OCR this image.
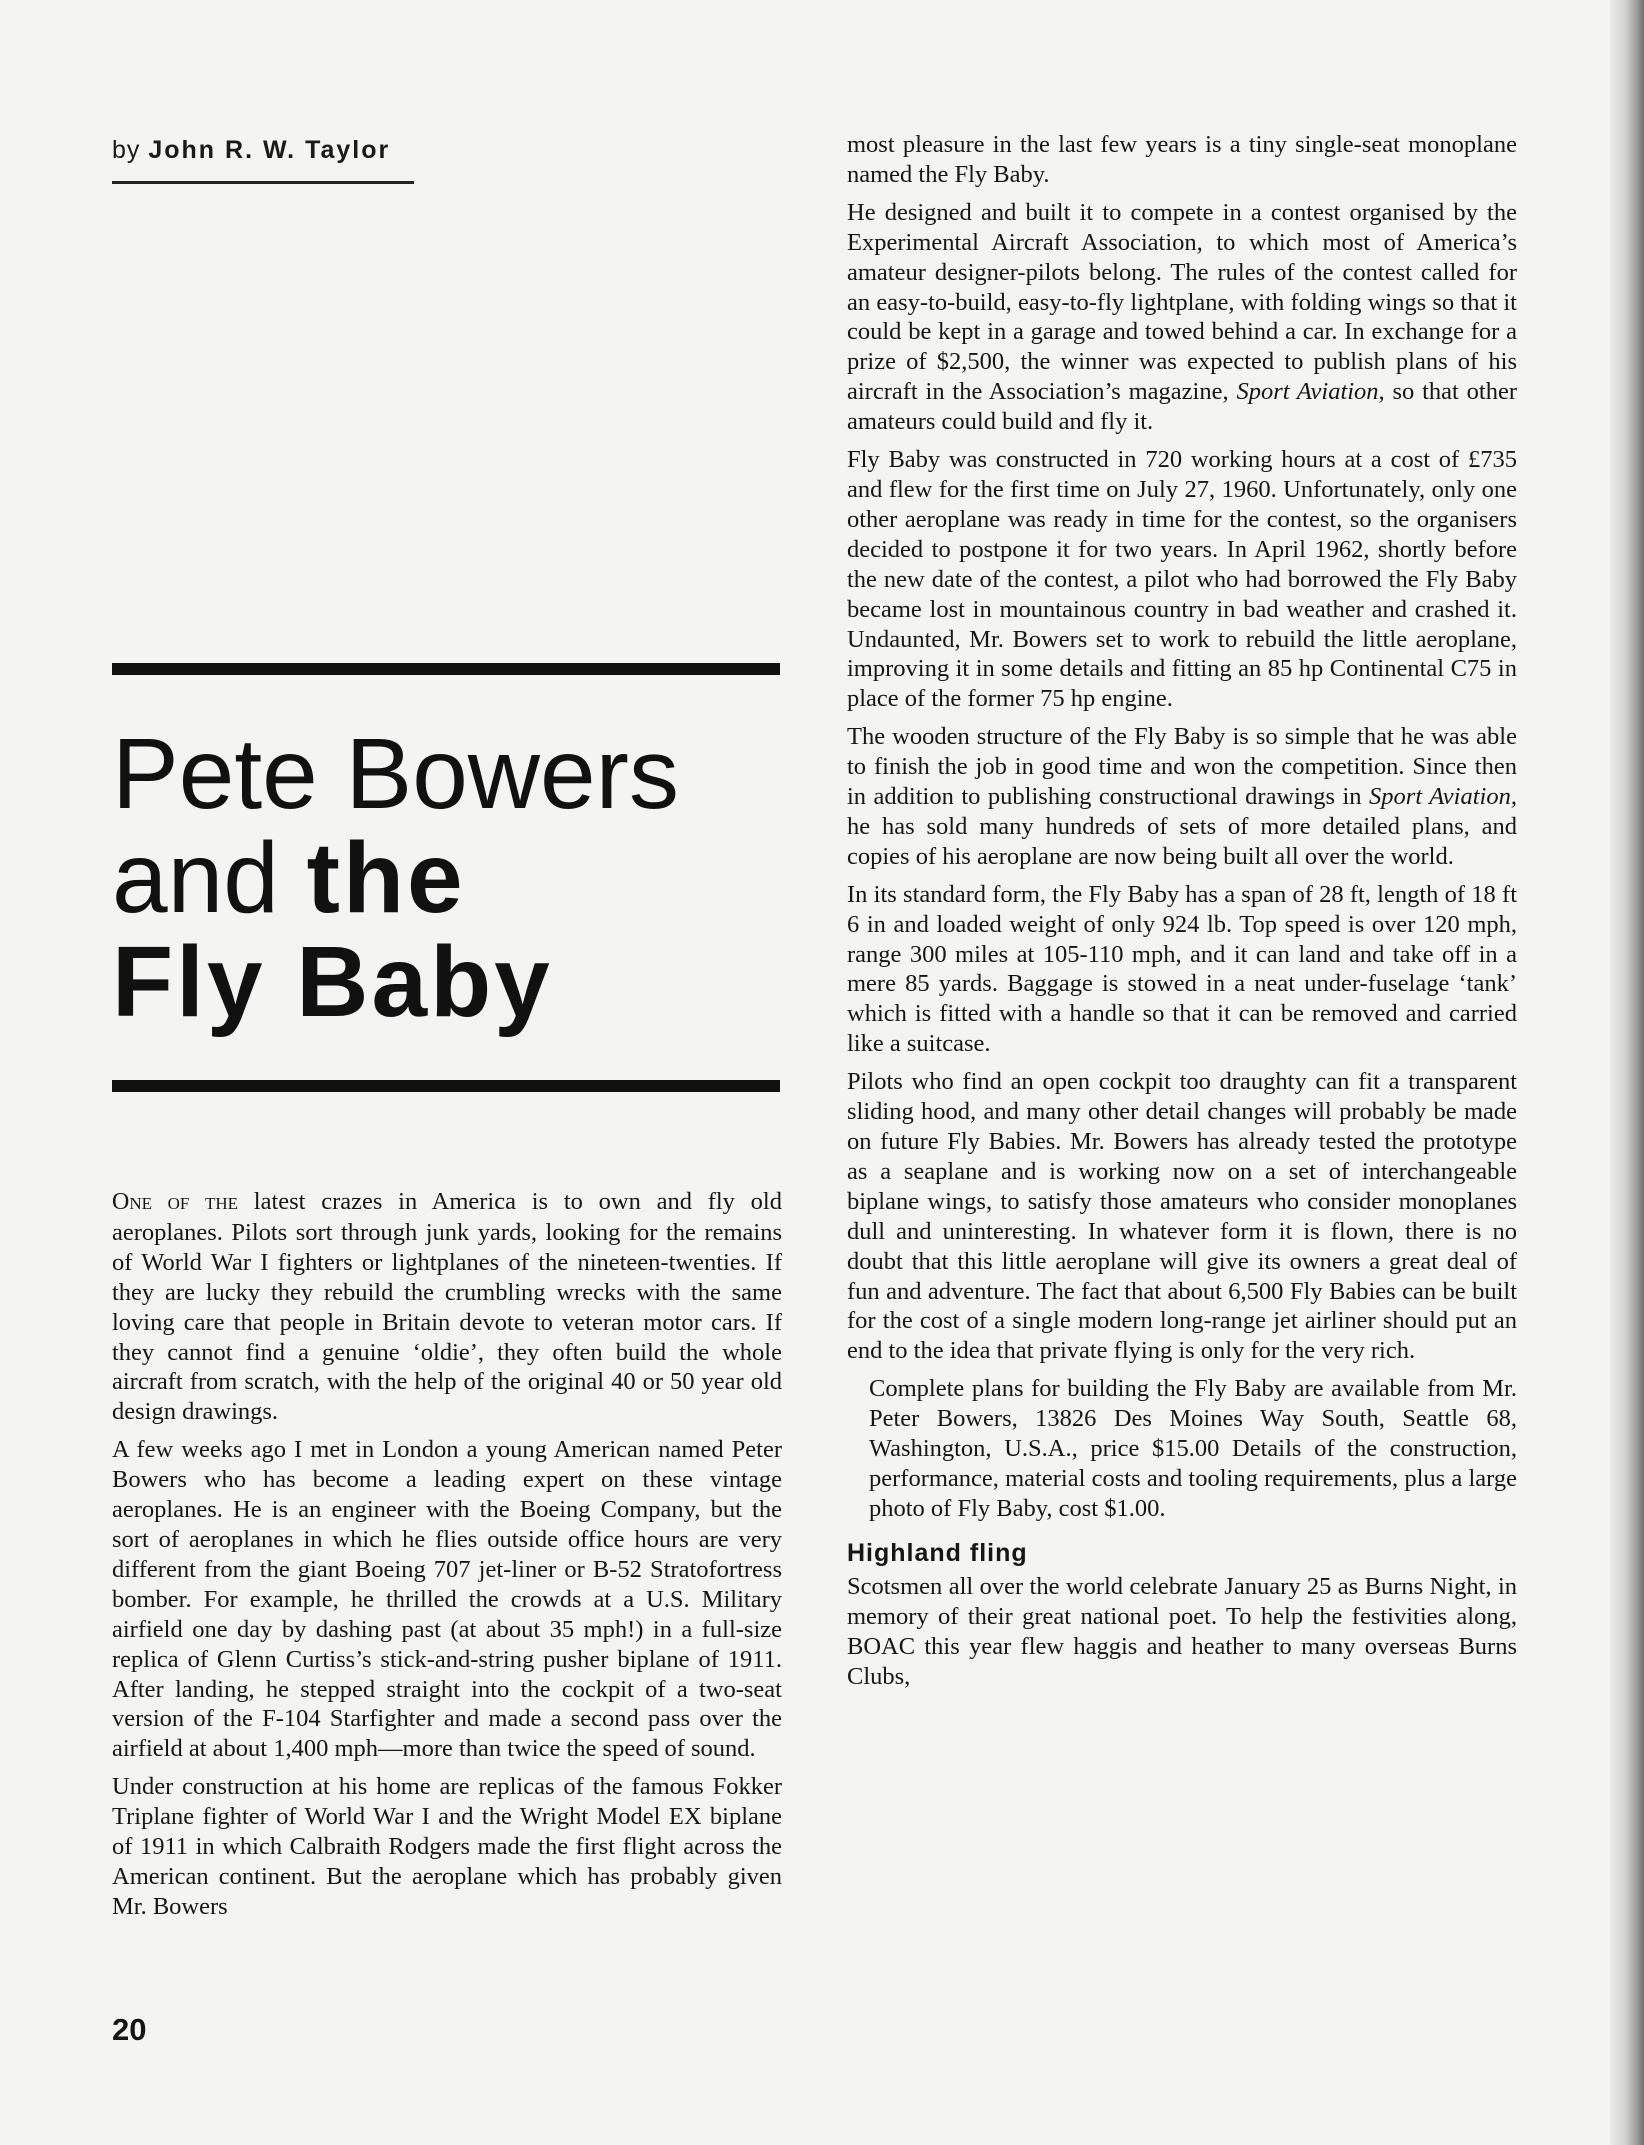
by John R. W. Taylor
Pete Bowers
and the
Fly Baby

One of the latest crazes in America is to own and fly old aeroplanes. Pilots sort through junk yards, looking for the remains of World War I fighters or lightplanes of the nineteen-twenties. If they are lucky they rebuild the crumbling wrecks with the same loving care that people in Britain devote to veteran motor cars. If they cannot find a genuine ‘oldie’, they often build the whole aircraft from scratch, with the help of the original 40 or 50 year old design drawings.

A few weeks ago I met in London a young American named Peter Bowers who has become a leading expert on these vintage aeroplanes. He is an engineer with the Boeing Company, but the sort of aeroplanes in which he flies outside office hours are very different from the giant Boeing 707 jet-liner or B-52 Stratofortress bomber. For example, he thrilled the crowds at a U.S. Military airfield one day by dashing past (at about 35 mph!) in a full-size replica of Glenn Curtiss’s stick-and-string pusher biplane of 1911. After landing, he stepped straight into the cockpit of a two-seat version of the F-104 Starfighter and made a second pass over the airfield at about 1,400 mph—more than twice the speed of sound.

Under construction at his home are replicas of the famous Fokker Triplane fighter of World War I and the Wright Model EX biplane of 1911 in which Calbraith Rodgers made the first flight across the American continent. But the aeroplane which has probably given Mr. Bowers

most pleasure in the last few years is a tiny single-seat monoplane named the Fly Baby.

He designed and built it to compete in a contest organised by the Experimental Aircraft Association, to which most of America’s amateur designer-pilots belong. The rules of the contest called for an easy-to-build, easy-to-fly lightplane, with folding wings so that it could be kept in a garage and towed behind a car. In exchange for a prize of $2,500, the winner was expected to publish plans of his aircraft in the Association’s magazine, Sport Aviation, so that other amateurs could build and fly it.

Fly Baby was constructed in 720 working hours at a cost of £735 and flew for the first time on July 27, 1960. Unfortunately, only one other aeroplane was ready in time for the contest, so the organisers decided to postpone it for two years. In April 1962, shortly before the new date of the contest, a pilot who had borrowed the Fly Baby became lost in mountainous country in bad weather and crashed it. Undaunted, Mr. Bowers set to work to rebuild the little aeroplane, improving it in some details and fitting an 85 hp Continental C75 in place of the former 75 hp engine.

The wooden structure of the Fly Baby is so simple that he was able to finish the job in good time and won the competition. Since then in addition to publishing constructional drawings in Sport Aviation, he has sold many hundreds of sets of more detailed plans, and copies of his aeroplane are now being built all over the world.

In its standard form, the Fly Baby has a span of 28 ft, length of 18 ft 6 in and loaded weight of only 924 lb. Top speed is over 120 mph, range 300 miles at 105-110 mph, and it can land and take off in a mere 85 yards. Baggage is stowed in a neat under-fuselage ‘tank’ which is fitted with a handle so that it can be removed and carried like a suitcase.

Pilots who find an open cockpit too draughty can fit a transparent sliding hood, and many other detail changes will probably be made on future Fly Babies. Mr. Bowers has already tested the prototype as a seaplane and is working now on a set of interchangeable biplane wings, to satisfy those amateurs who consider monoplanes dull and uninteresting. In whatever form it is flown, there is no doubt that this little aeroplane will give its owners a great deal of fun and adventure. The fact that about 6,500 Fly Babies can be built for the cost of a single modern long-range jet airliner should put an end to the idea that private flying is only for the very rich.

Complete plans for building the Fly Baby are available from Mr. Peter Bowers, 13826 Des Moines Way South, Seattle 68, Washington, U.S.A., price $15.00 Details of the construction, performance, material costs and tooling requirements, plus a large photo of Fly Baby, cost $1.00.

Highland fling

Scotsmen all over the world celebrate January 25 as Burns Night, in memory of their great national poet. To help the festivities along, BOAC this year flew haggis and heather to many overseas Burns Clubs,

20
